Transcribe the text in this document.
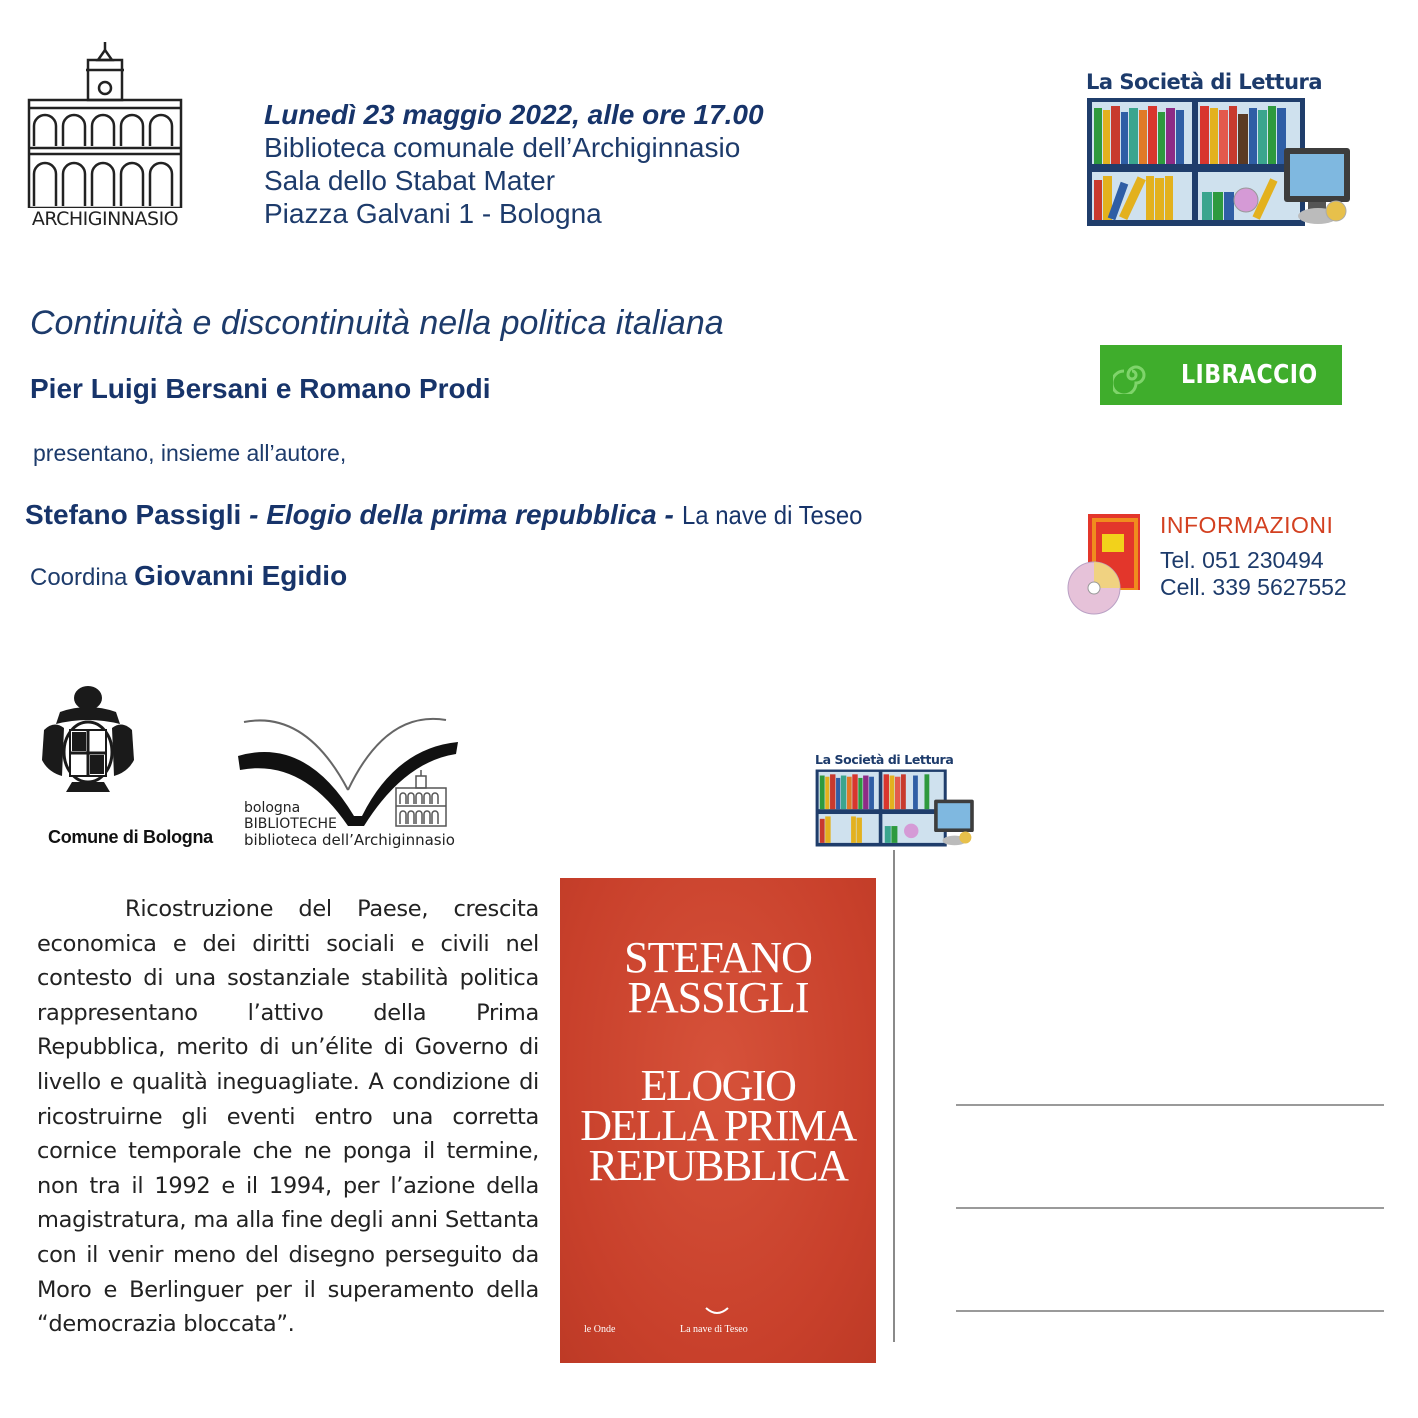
ARCHIGINNASIO
Lunedì 23 maggio 2022, alle ore 17.00
Biblioteca comunale dell’Archiginnasio
Sala dello Stabat Mater
Piazza Galvani 1 - Bologna
La Società di Lettura
Continuità e discontinuità nella politica italiana
Pier Luigi Bersani e Romano Prodi
presentano, insieme all’autore,
Stefano Passigli - Elogio della prima repubblica - La nave di Teseo
Coordina Giovanni Egidio
LIBRACCIO
INFORMAZIONI
Tel. 051 230494
Cell. 339 5627552
Comune di Bologna
bologna
BIBLIOTECHE
biblioteca dell’Archiginnasio
La Società di Lettura
Ricostruzione del Paese, crescita economica e dei diritti sociali e civili nel contesto di una sostanziale stabilità politica rappresentano l’attivo della Prima Repubblica, merito di un’élite di Governo di livello e qualità ineguagliate. A condizione di ricostruirne gli eventi entro una corretta cornice temporale che ne ponga il termine, non tra il 1992 e il 1994, per l’azione della magistratura, ma alla fine degli anni Settanta con il venir meno del disegno perseguito da Moro e Berlinguer per il superamento della “democrazia bloccata”.
STEFANO
PASSIGLI
ELOGIO
DELLA PRIMA
REPUBBLICA
le Onde	La nave di Teseo
